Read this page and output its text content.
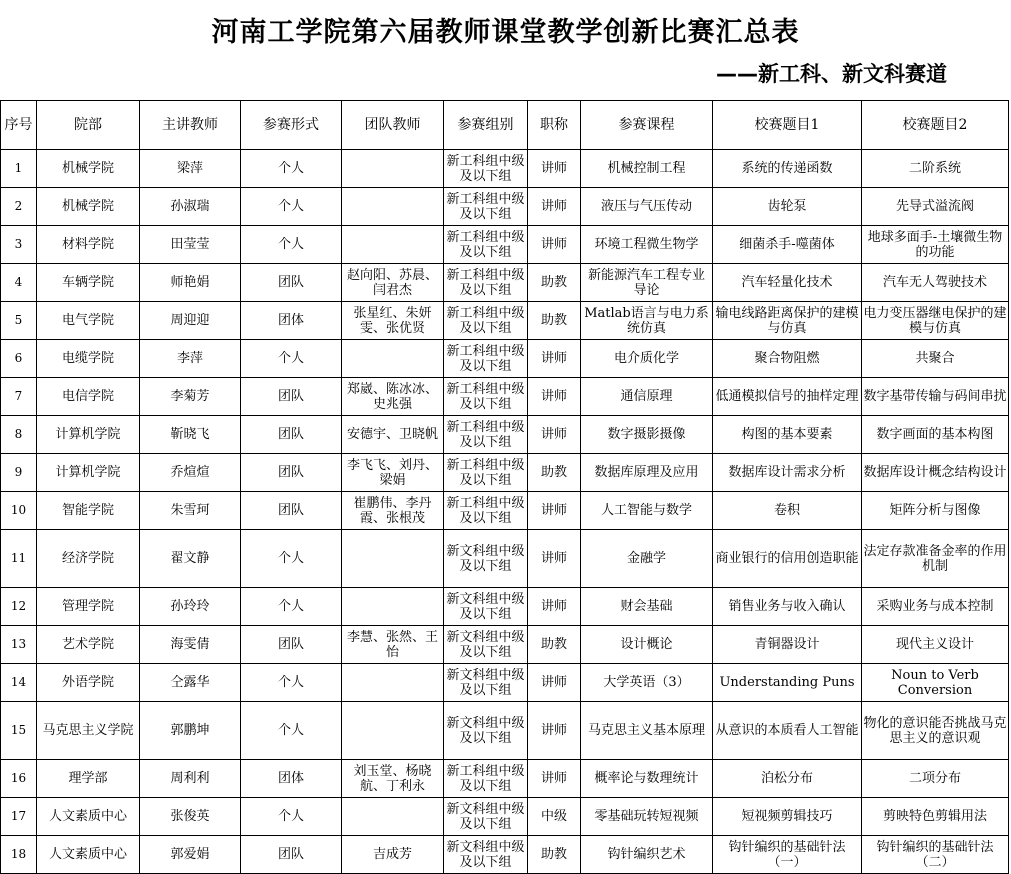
河南工学院第六届教师课堂教学创新比赛汇总表
——新工科、新文科赛道
序号	院部	主讲教师	参赛形式	团队教师	参赛组别	职称	参赛课程	校赛题目1	校赛题目2
1	机械学院	梁萍	个人		新工科组中级及以下组	讲师	机械控制工程	系统的传递函数	二阶系统
2	机械学院	孙淑瑞	个人		新工科组中级及以下组	讲师	液压与气压传动	齿轮泵	先导式溢流阀
3	材料学院	田莹莹	个人		新工科组中级及以下组	讲师	环境工程微生物学	细菌杀手-噬菌体	地球多面手-土壤微生物的功能
4	车辆学院	师艳娟	团队	赵向阳、苏晨、闫君杰	新工科组中级及以下组	助教	新能源汽车工程专业导论	汽车轻量化技术	汽车无人驾驶技术
5	电气学院	周迎迎	团体	张星红、朱妍雯、张优贤	新工科组中级及以下组	助教	Matlab语言与电力系统仿真	输电线路距离保护的建模与仿真	电力变压器继电保护的建模与仿真
6	电缆学院	李萍	个人		新工科组中级及以下组	讲师	电介质化学	聚合物阻燃	共聚合
7	电信学院	李菊芳	团队	郑崴、陈冰冰、史兆强	新工科组中级及以下组	讲师	通信原理	低通模拟信号的抽样定理	数字基带传输与码间串扰
8	计算机学院	靳晓飞	团队	安德宇、卫晓帆	新工科组中级及以下组	讲师	数字摄影摄像	构图的基本要素	数字画面的基本构图
9	计算机学院	乔煊煊	团队	李飞飞、刘丹、梁娟	新工科组中级及以下组	助教	数据库原理及应用	数据库设计需求分析	数据库设计概念结构设计
10	智能学院	朱雪珂	团队	崔鹏伟、李丹霞、张根茂	新工科组中级及以下组	讲师	人工智能与数学	卷积	矩阵分析与图像
11	经济学院	翟文静	个人		新文科组中级及以下组	讲师	金融学	商业银行的信用创造职能	法定存款准备金率的作用机制
12	管理学院	孙玲玲	个人		新文科组中级及以下组	讲师	财会基础	销售业务与收入确认	采购业务与成本控制
13	艺术学院	海雯倩	团队	李慧、张然、王怡	新文科组中级及以下组	助教	设计概论	青铜器设计	现代主义设计
14	外语学院	仝露华	个人		新文科组中级及以下组	讲师	大学英语（3）	Understanding Puns	Noun to Verb Conversion
15	马克思主义学院	郭鹏坤	个人		新文科组中级及以下组	讲师	马克思主义基本原理	从意识的本质看人工智能	物化的意识能否挑战马克思主义的意识观
16	理学部	周利利	团体	刘玉堂、杨晓航、丁利永	新工科组中级及以下组	讲师	概率论与数理统计	泊松分布	二项分布
17	人文素质中心	张俊英	个人		新文科组中级及以下组	中级	零基础玩转短视频	短视频剪辑技巧	剪映特色剪辑用法
18	人文素质中心	郭爱娟	团队	吉成芳	新文科组中级及以下组	助教	钩针编织艺术	钩针编织的基础针法（一）	钩针编织的基础针法（二）
